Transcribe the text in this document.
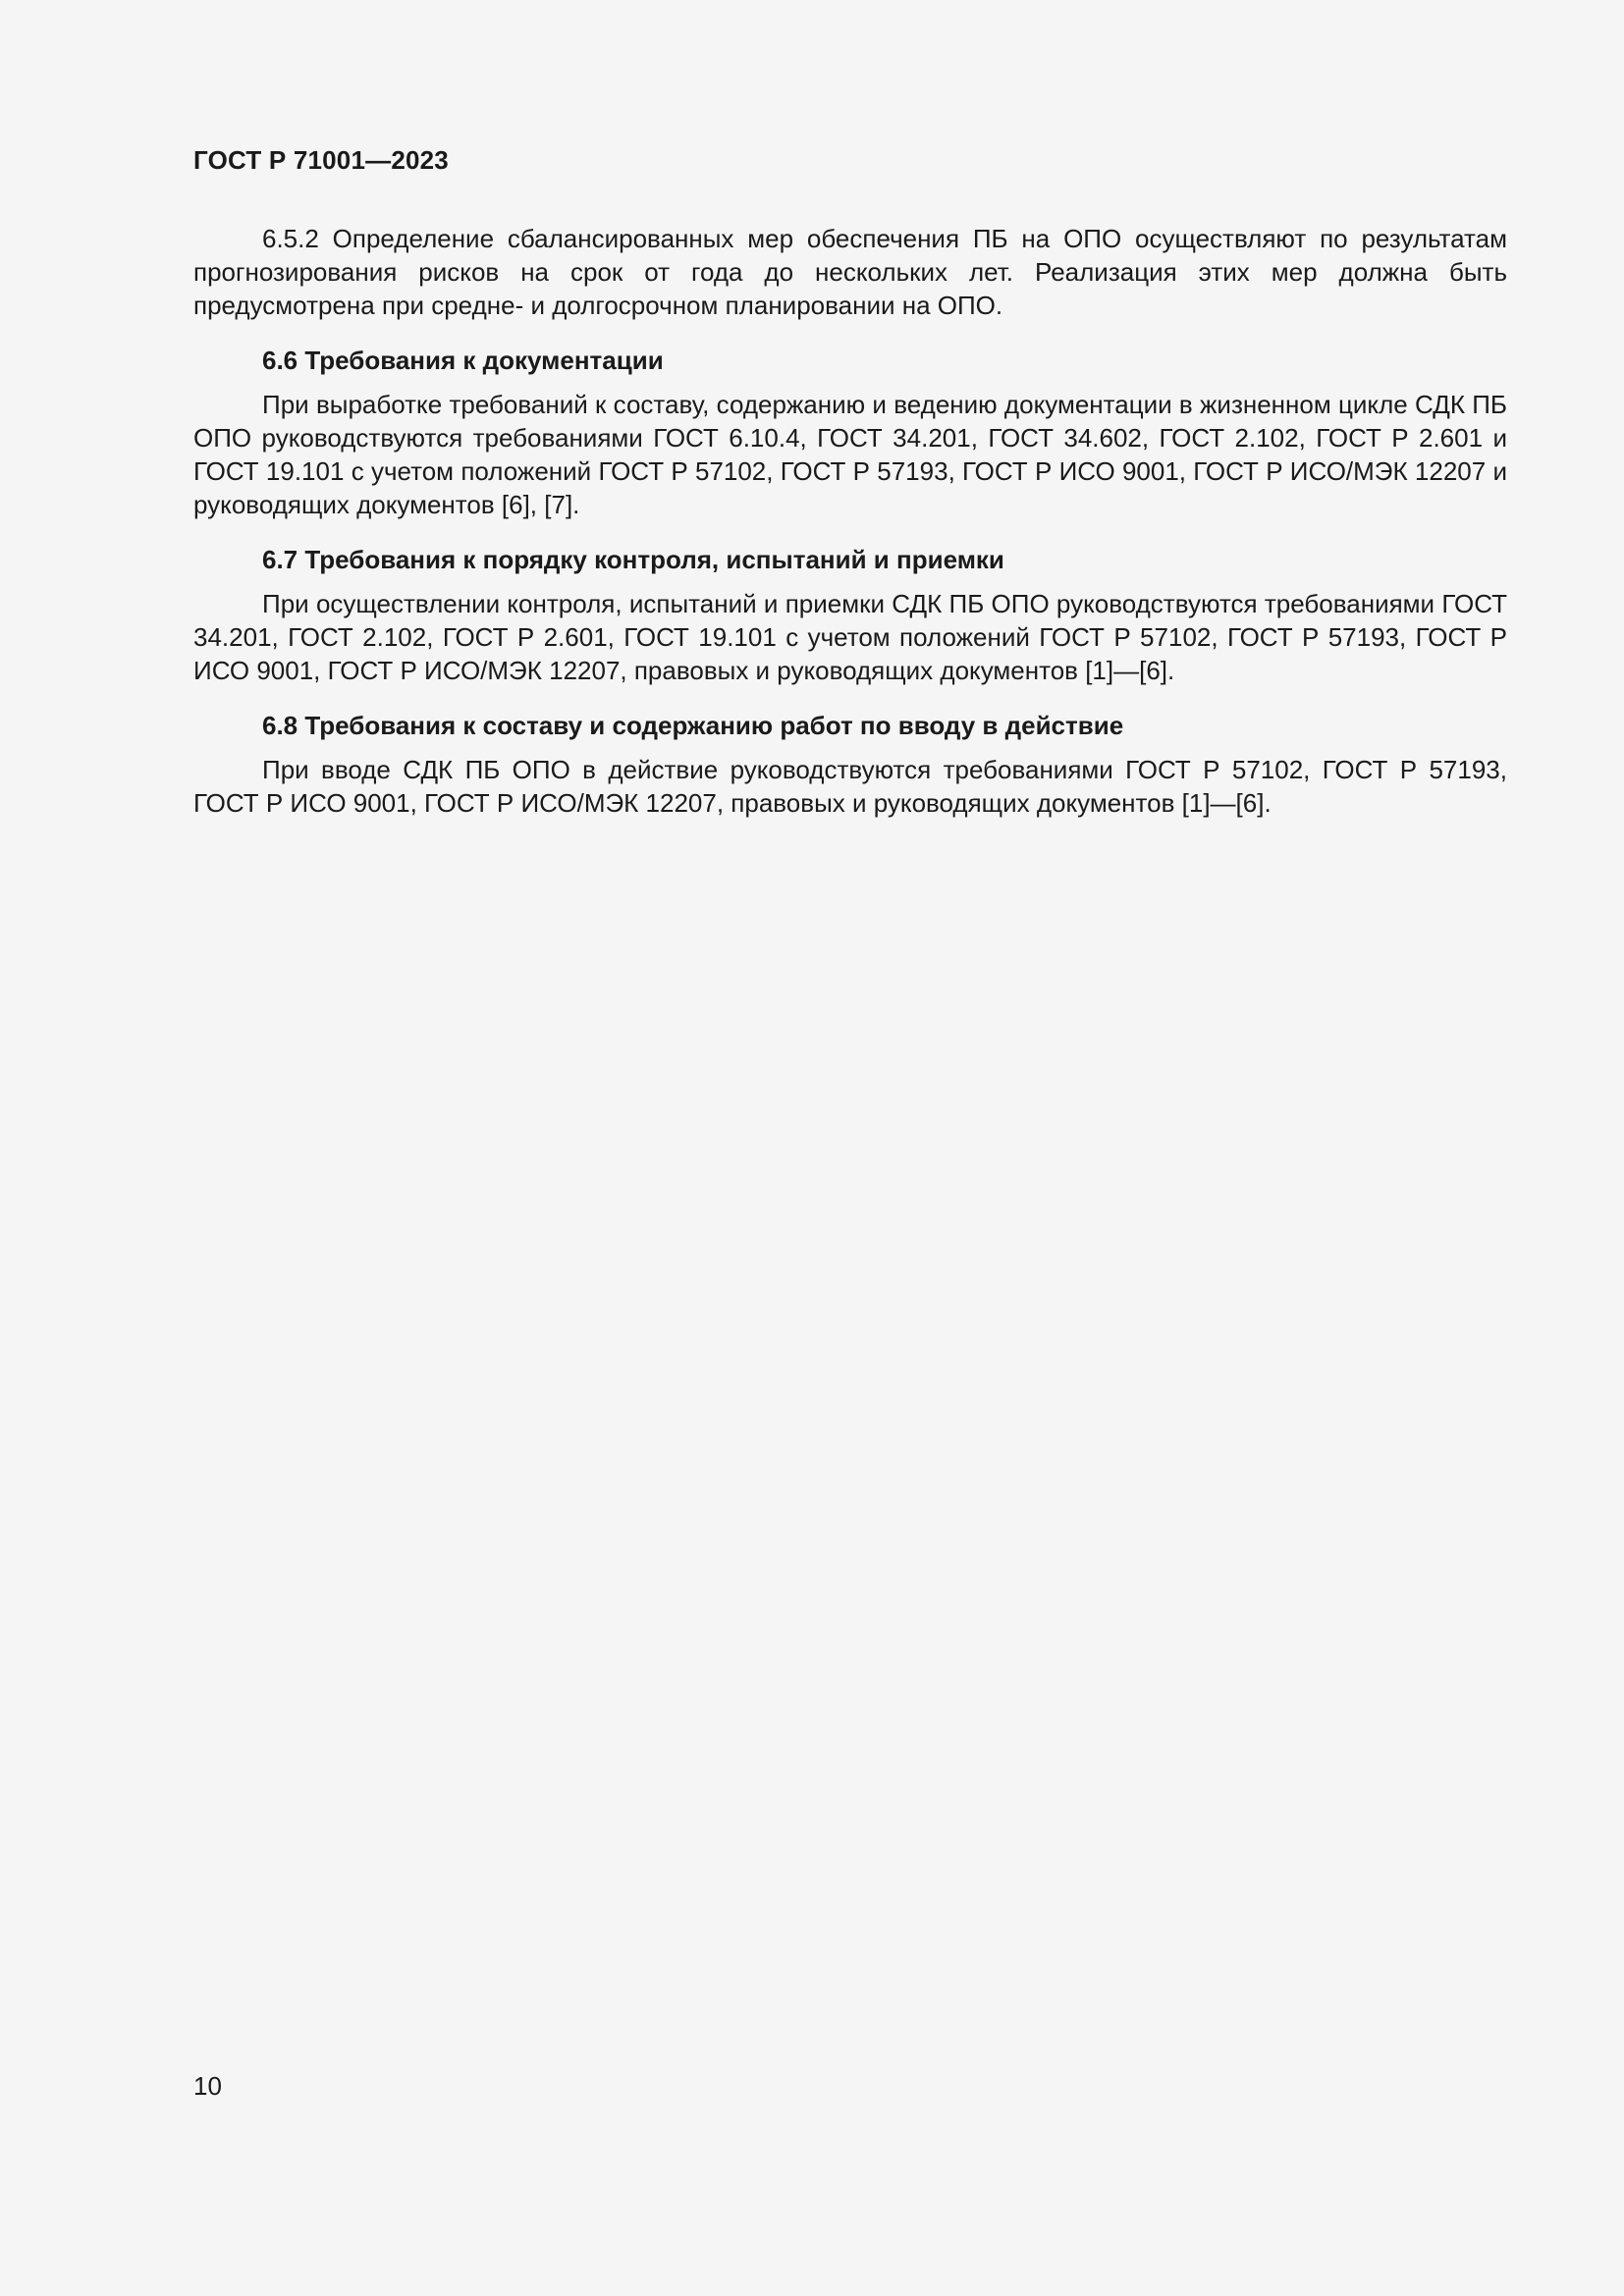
ГОСТ Р 71001—2023

6.5.2 Определение сбалансированных мер обеспечения ПБ на ОПО осуществляют по результатам прогнозирования рисков на срок от года до нескольких лет. Реализация этих мер должна быть предусмотрена при средне- и долгосрочном планировании на ОПО.

6.6 Требования к документации

При выработке требований к составу, содержанию и ведению документации в жизненном цикле СДК ПБ ОПО руководствуются требованиями ГОСТ 6.10.4, ГОСТ 34.201, ГОСТ 34.602, ГОСТ 2.102, ГОСТ Р 2.601 и ГОСТ 19.101 с учетом положений ГОСТ Р 57102, ГОСТ Р 57193, ГОСТ Р ИСО 9001, ГОСТ Р ИСО/МЭК 12207 и руководящих документов [6], [7].

6.7 Требования к порядку контроля, испытаний и приемки

При осуществлении контроля, испытаний и приемки СДК ПБ ОПО руководствуются требованиями ГОСТ 34.201, ГОСТ 2.102, ГОСТ Р 2.601, ГОСТ 19.101 с учетом положений ГОСТ Р 57102, ГОСТ Р 57193, ГОСТ Р ИСО 9001, ГОСТ Р ИСО/МЭК 12207, правовых и руководящих документов [1]—[6].

6.8 Требования к составу и содержанию работ по вводу в действие

При вводе СДК ПБ ОПО в действие руководствуются требованиями ГОСТ Р 57102, ГОСТ Р 57193, ГОСТ Р ИСО 9001, ГОСТ Р ИСО/МЭК 12207, правовых и руководящих документов [1]—[6].

10
